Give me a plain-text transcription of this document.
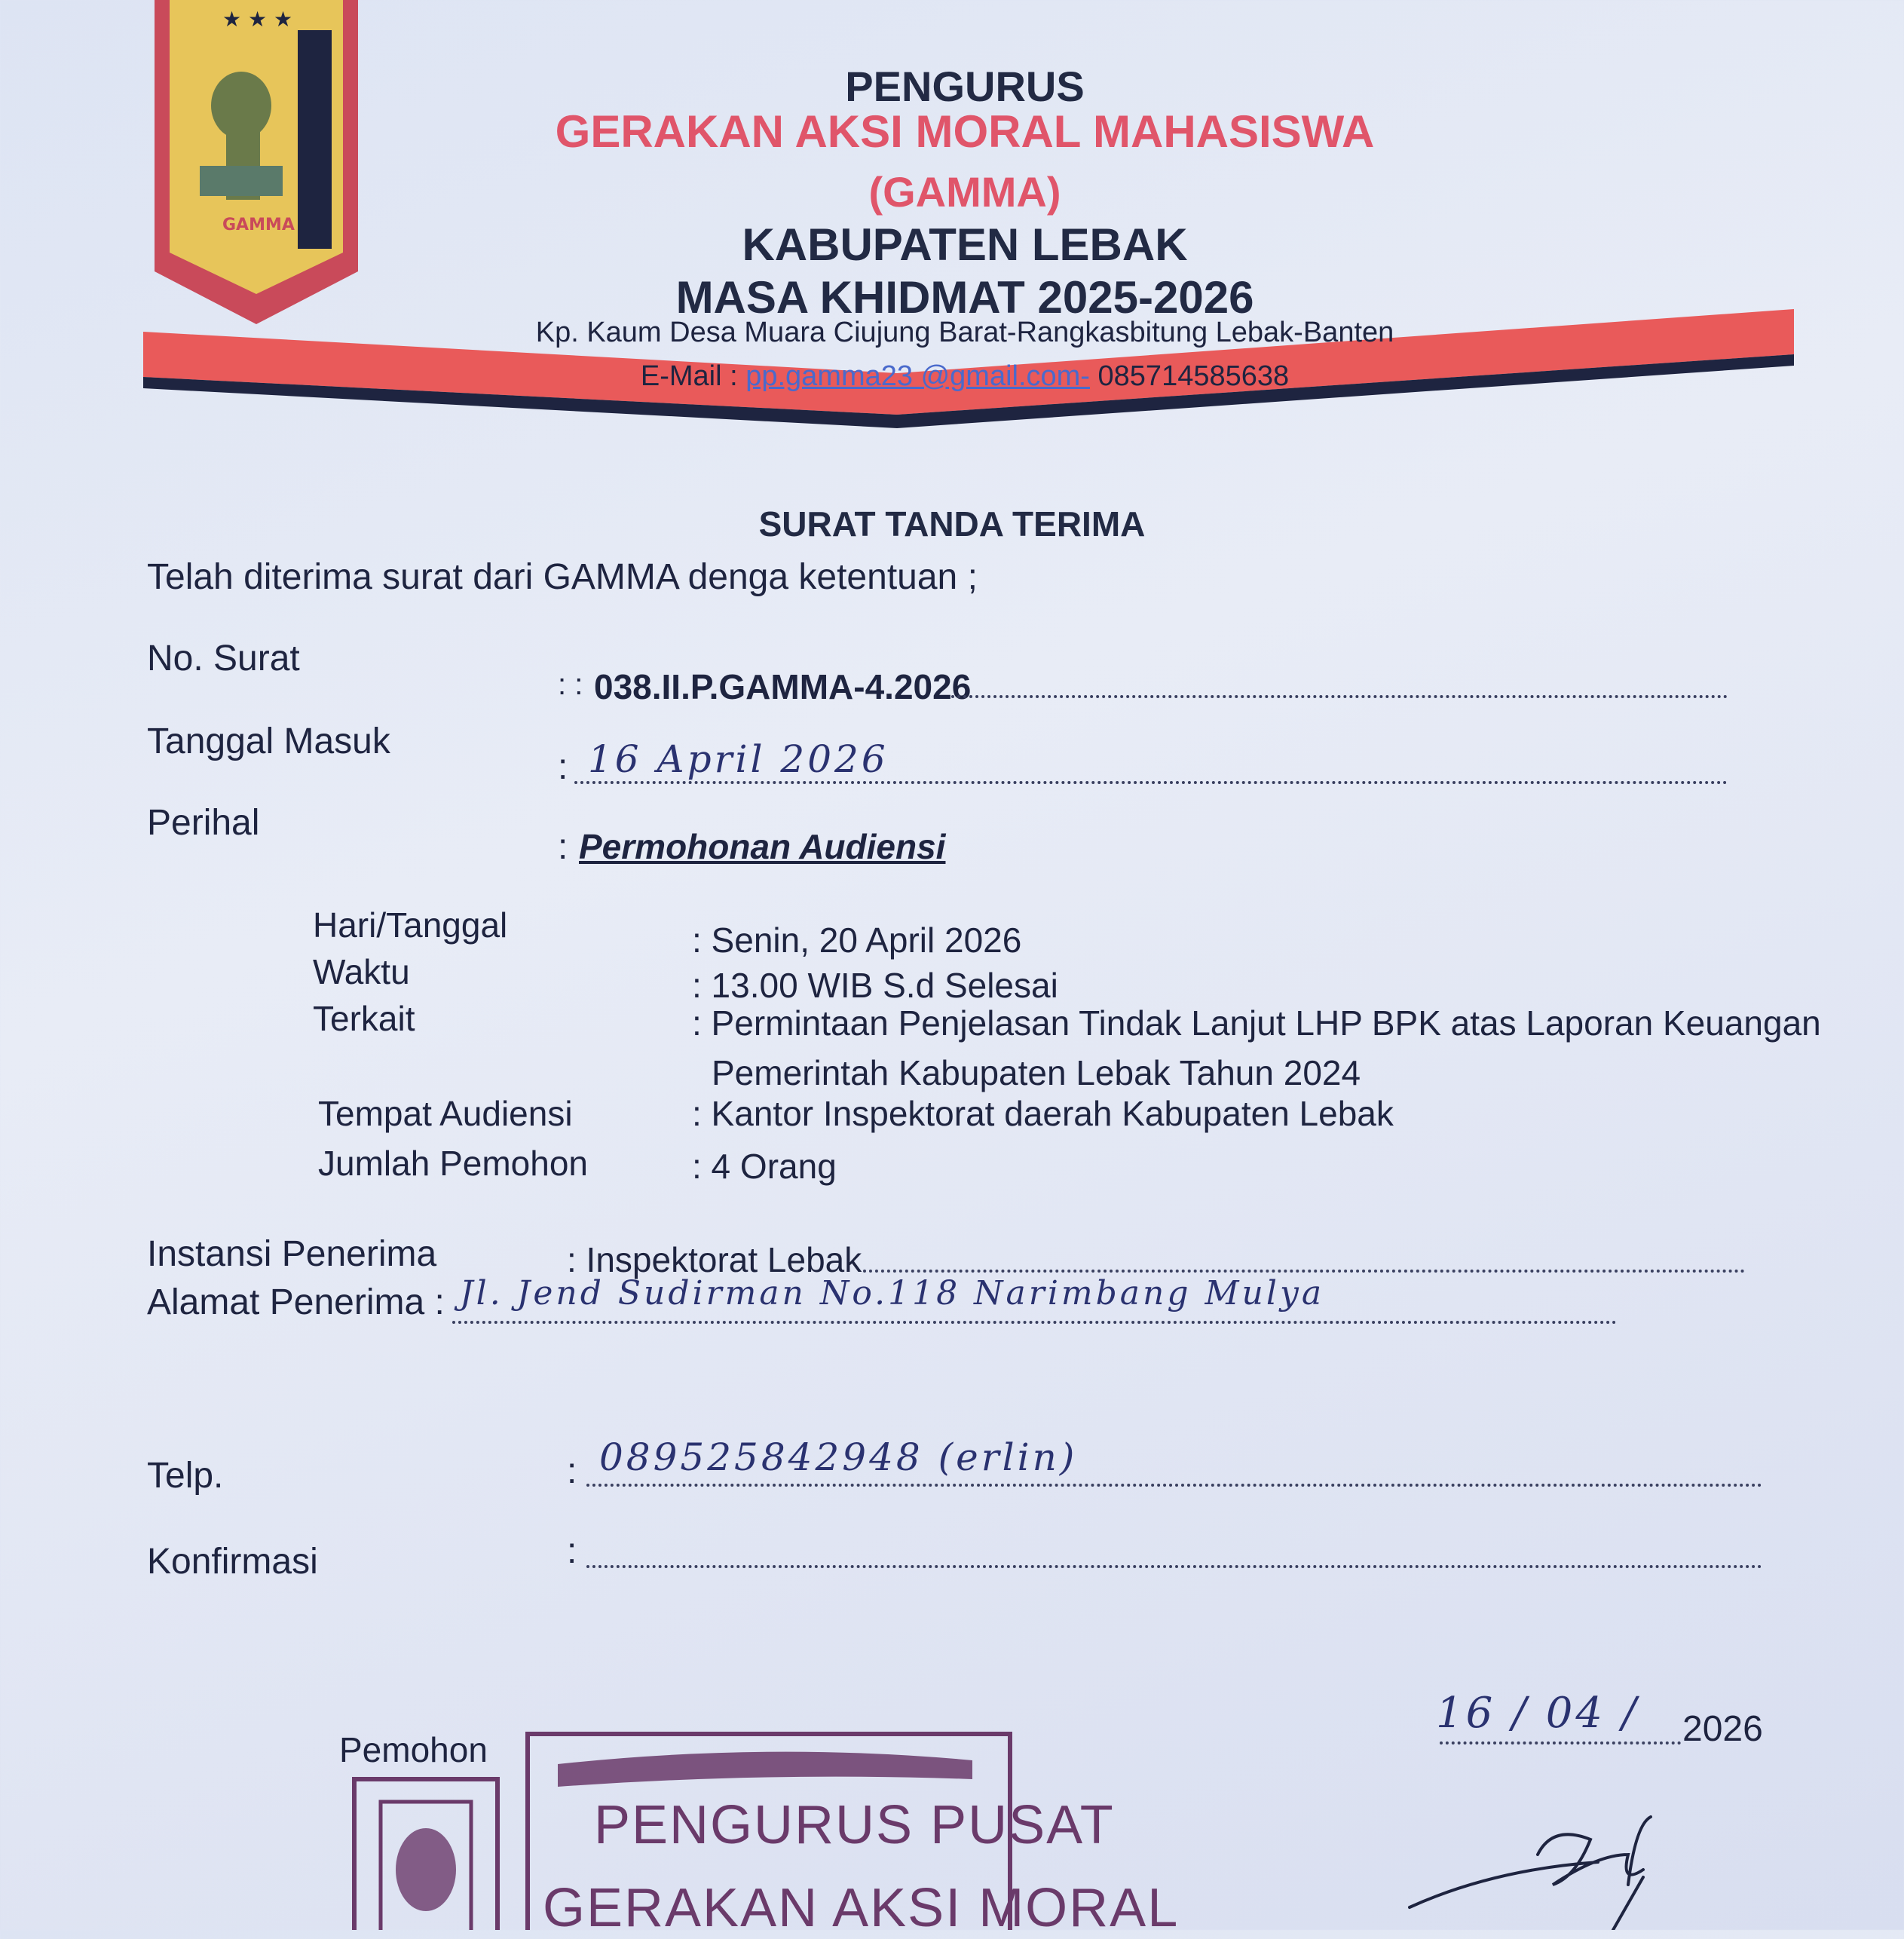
★ ★ ★
GAMMA
PENGURUS
GERAKAN AKSI MORAL MAHASISWA
(GAMMA)
KABUPATEN LEBAK
MASA KHIDMAT 2025-2026
Kp. Kaum Desa Muara Ciujung Barat-Rangkasbitung Lebak-Banten
E-Mail : pp.gamma23 @gmail.com- 085714585638
SURAT TANDA TERIMA
Telah diterima surat dari GAMMA denga ketentuan ;
No. Surat
: : 038.II.P.GAMMA-4.2026
Tanggal Masuk
: 16 April 2026
Perihal
: Permohonan Audiensi
Hari/Tanggal	: Senin, 20 April 2026
Waktu	: 13.00 WIB S.d Selesai
Terkait	: Permintaan Penjelasan Tindak Lanjut LHP BPK atas Laporan Keuangan
Pemerintah Kabupaten Lebak Tahun 2024
Tempat Audiensi	: Kantor Inspektorat daerah Kabupaten Lebak
Jumlah Pemohon	: 4 Orang
Instansi Penerima	: Inspektorat Lebak
Alamat Penerima : Jl. Jend Sudirman No.118 Narimbang Mulya
Telp.	: 089525842948 (erlin)
Konfirmasi	:
16 / 04 / 2026
Pemohon
PENGURUS PUSAT
GERAKAN AKSI MORAL
